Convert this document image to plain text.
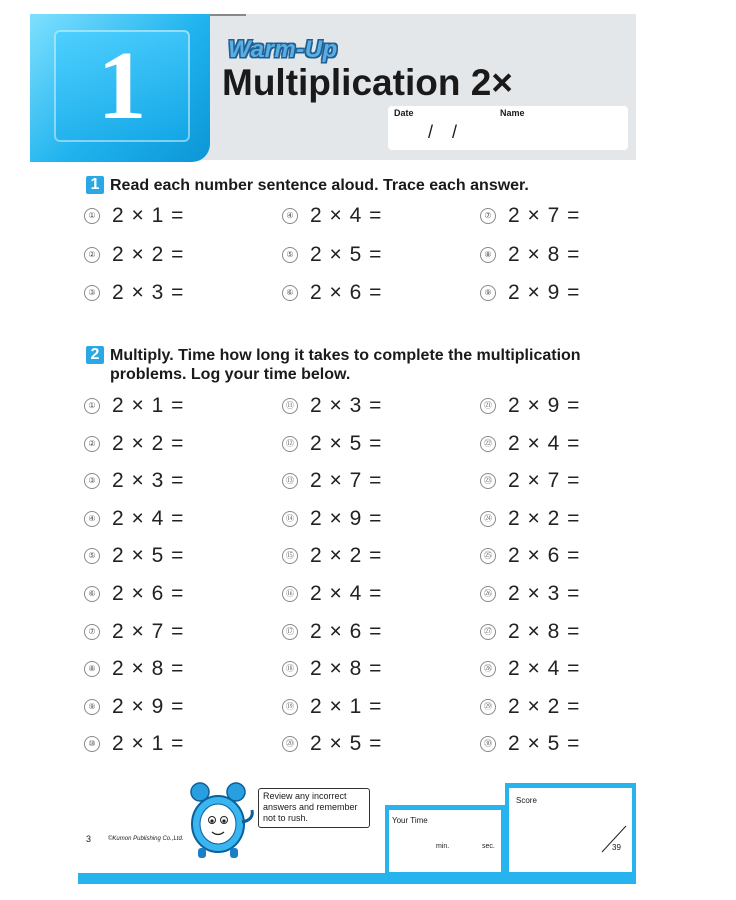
1	Warm-Up
Multiplication 2×
Date	Name
/ /
1 Read each number sentence aloud. Trace each answer.
① 2 × 1 =
② 2 × 2 =
③ 2 × 3 =
④ 2 × 4 =
⑤ 2 × 5 =
⑥ 2 × 6 =
⑦ 2 × 7 =
⑧ 2 × 8 =
⑨ 2 × 9 =
2 Multiply. Time how long it takes to complete the multiplication
problems. Log your time below.
① 2 × 1 =
② 2 × 2 =
③ 2 × 3 =
④ 2 × 4 =
⑤ 2 × 5 =
⑥ 2 × 6 =
⑦ 2 × 7 =
⑧ 2 × 8 =
⑨ 2 × 9 =
⑩ 2 × 1 =
⑪ 2 × 3 =
⑫ 2 × 5 =
⑬ 2 × 7 =
⑭ 2 × 9 =
⑮ 2 × 2 =
⑯ 2 × 4 =
⑰ 2 × 6 =
⑱ 2 × 8 =
⑲ 2 × 1 =
⑳ 2 × 5 =
㉑ 2 × 9 =
㉒ 2 × 4 =
㉓ 2 × 7 =
㉔ 2 × 2 =
㉕ 2 × 6 =
㉖ 2 × 3 =
㉗ 2 × 8 =
㉘ 2 × 4 =
㉙ 2 × 2 =
㉚ 2 × 5 =
Your Time
min.	sec.
Score
39
3	©Kumon Publishing Co.,Ltd.
Review any incorrect answers and remember not to rush.
